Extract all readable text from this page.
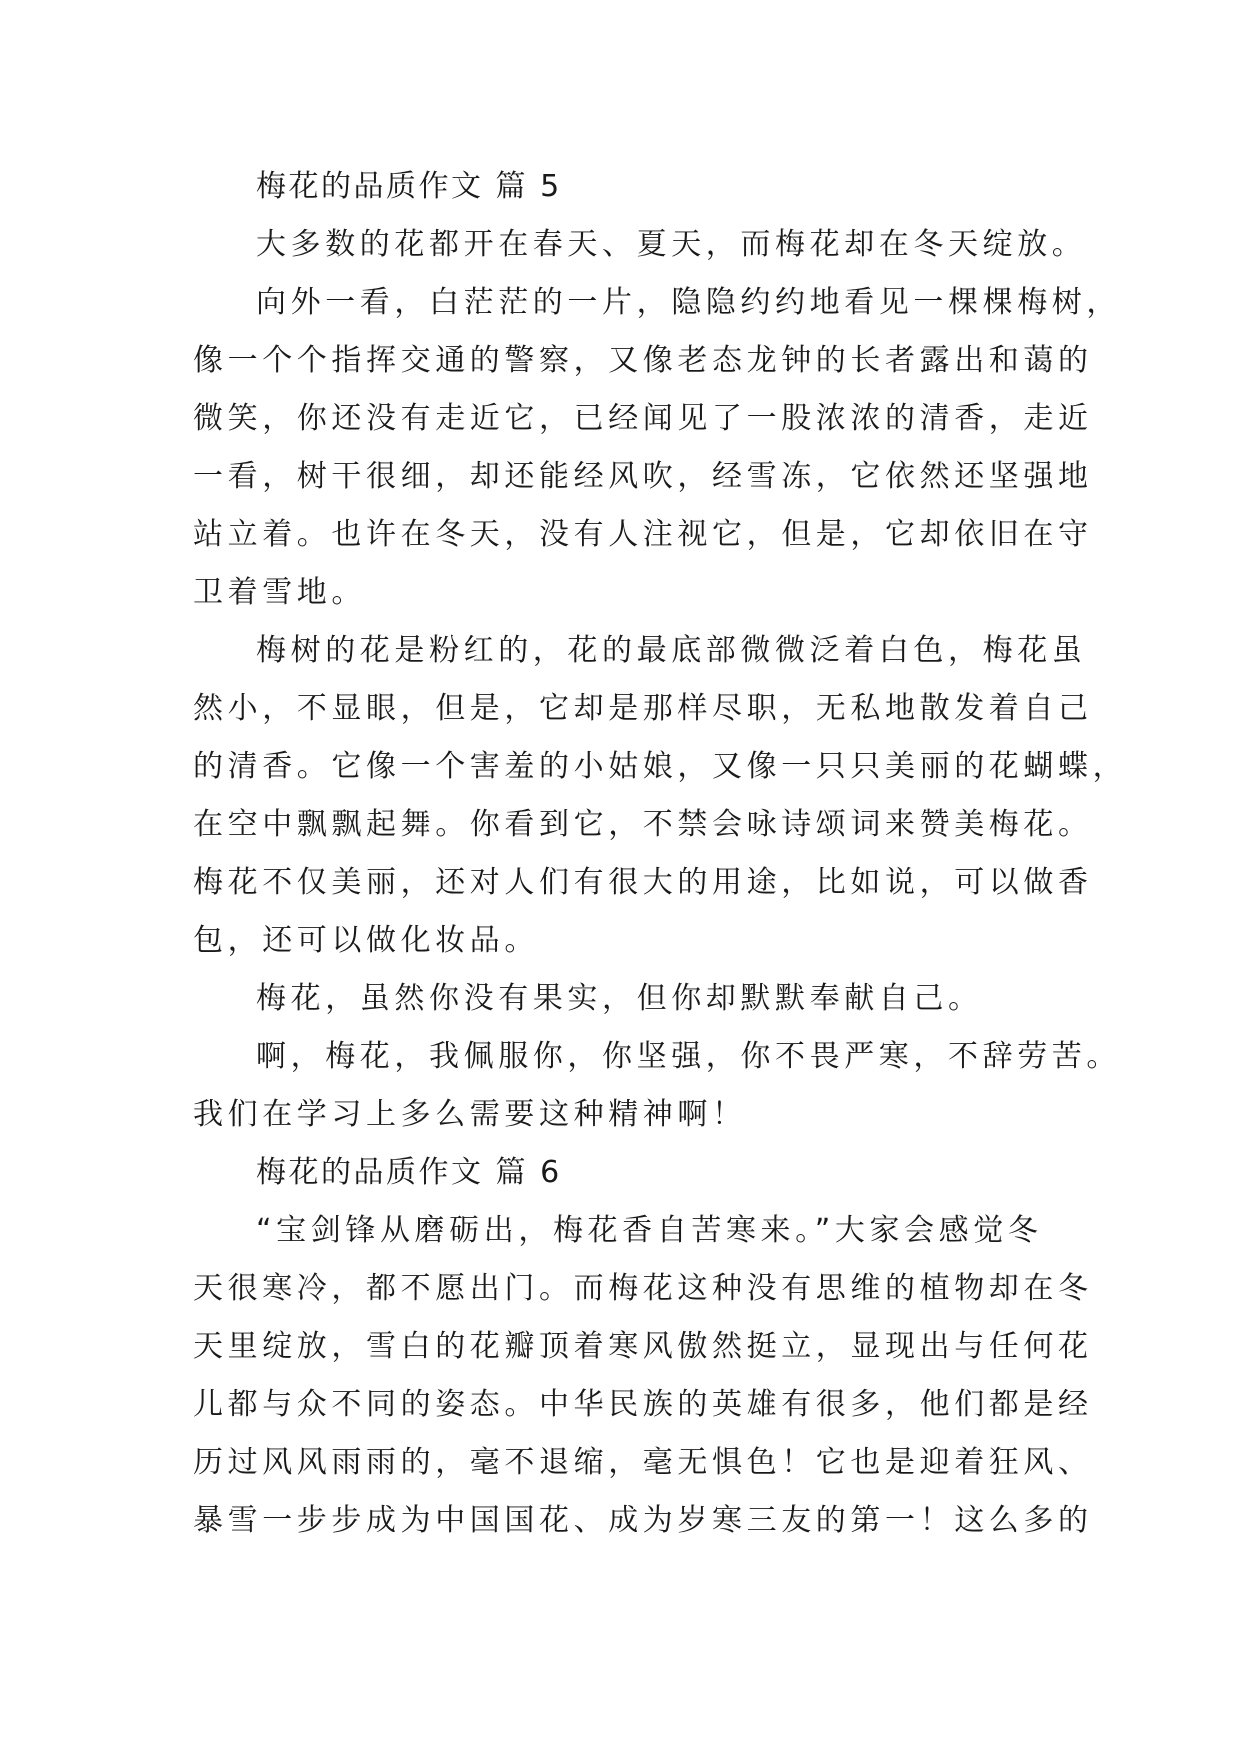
梅花的品质作文 篇 5

大多数的花都开在春天、夏天，而梅花却在冬天绽放。

向外一看，白茫茫的一片，隐隐约约地看见一棵棵梅树，

像一个个指挥交通的警察，又像老态龙钟的长者露出和蔼的

微笑，你还没有走近它，已经闻见了一股浓浓的清香，走近

一看，树干很细，却还能经风吹，经雪冻，它依然还坚强地

站立着。也许在冬天，没有人注视它，但是，它却依旧在守

卫着雪地。

梅树的花是粉红的，花的最底部微微泛着白色，梅花虽

然小，不显眼，但是，它却是那样尽职，无私地散发着自己

的清香。它像一个害羞的小姑娘，又像一只只美丽的花蝴蝶，

在空中飘飘起舞。你看到它，不禁会咏诗颂词来赞美梅花。

梅花不仅美丽，还对人们有很大的用途，比如说，可以做香

包，还可以做化妆品。

梅花，虽然你没有果实，但你却默默奉献自己。

啊，梅花，我佩服你，你坚强，你不畏严寒，不辞劳苦。

我们在学习上多么需要这种精神啊！

梅花的品质作文 篇 6

“宝剑锋从磨砺出，梅花香自苦寒来。”大家会感觉冬

天很寒冷，都不愿出门。而梅花这种没有思维的植物却在冬

天里绽放，雪白的花瓣顶着寒风傲然挺立，显现出与任何花

儿都与众不同的姿态。中华民族的英雄有很多，他们都是经

历过风风雨雨的，毫不退缩，毫无惧色！它也是迎着狂风、

暴雪一步步成为中国国花、成为岁寒三友的第一！这么多的
